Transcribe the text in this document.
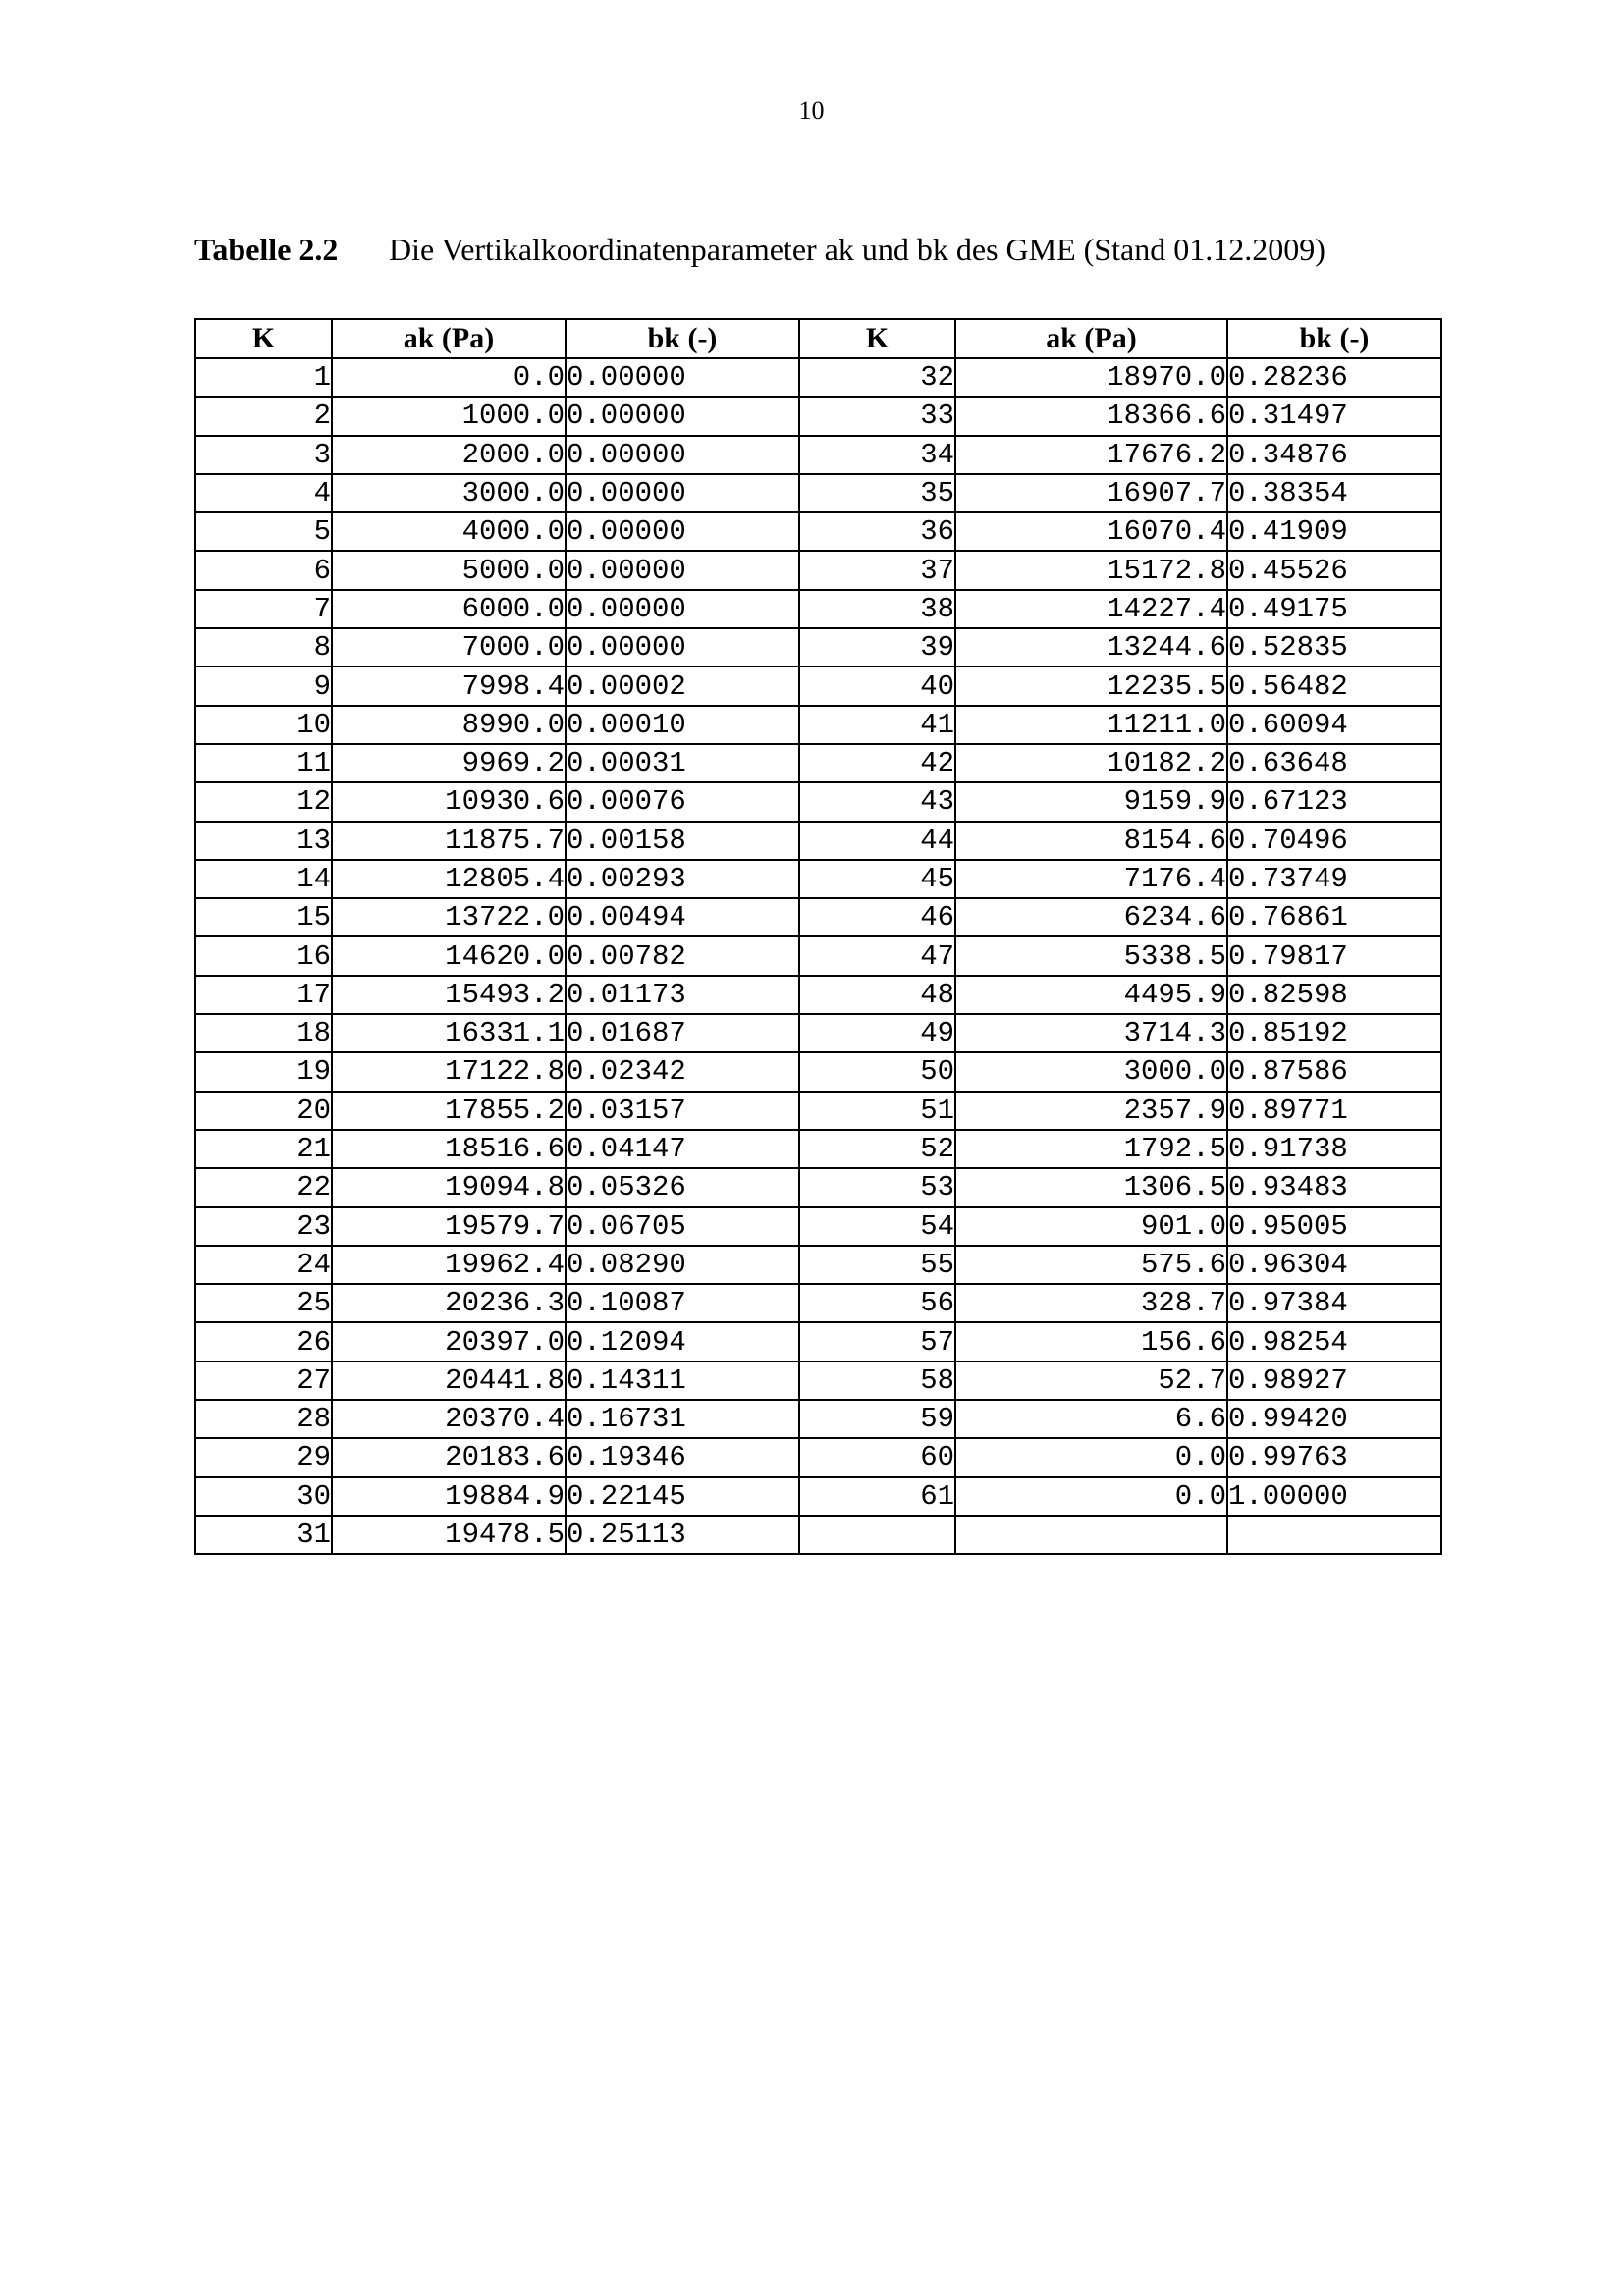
10
Tabelle 2.2 Die Vertikalkoordinatenparameter ak und bk des GME (Stand 01.12.2009)
K	ak (Pa)	bk (-)	K	ak (Pa)	bk (-)
1	0.0	0.00000	32	18970.0	0.28236
2	1000.0	0.00000	33	18366.6	0.31497
3	2000.0	0.00000	34	17676.2	0.34876
4	3000.0	0.00000	35	16907.7	0.38354
5	4000.0	0.00000	36	16070.4	0.41909
6	5000.0	0.00000	37	15172.8	0.45526
7	6000.0	0.00000	38	14227.4	0.49175
8	7000.0	0.00000	39	13244.6	0.52835
9	7998.4	0.00002	40	12235.5	0.56482
10	8990.0	0.00010	41	11211.0	0.60094
11	9969.2	0.00031	42	10182.2	0.63648
12	10930.6	0.00076	43	9159.9	0.67123
13	11875.7	0.00158	44	8154.6	0.70496
14	12805.4	0.00293	45	7176.4	0.73749
15	13722.0	0.00494	46	6234.6	0.76861
16	14620.0	0.00782	47	5338.5	0.79817
17	15493.2	0.01173	48	4495.9	0.82598
18	16331.1	0.01687	49	3714.3	0.85192
19	17122.8	0.02342	50	3000.0	0.87586
20	17855.2	0.03157	51	2357.9	0.89771
21	18516.6	0.04147	52	1792.5	0.91738
22	19094.8	0.05326	53	1306.5	0.93483
23	19579.7	0.06705	54	901.0	0.95005
24	19962.4	0.08290	55	575.6	0.96304
25	20236.3	0.10087	56	328.7	0.97384
26	20397.0	0.12094	57	156.6	0.98254
27	20441.8	0.14311	58	52.7	0.98927
28	20370.4	0.16731	59	6.6	0.99420
29	20183.6	0.19346	60	0.0	0.99763
30	19884.9	0.22145	61	0.0	1.00000
31	19478.5	0.25113			
